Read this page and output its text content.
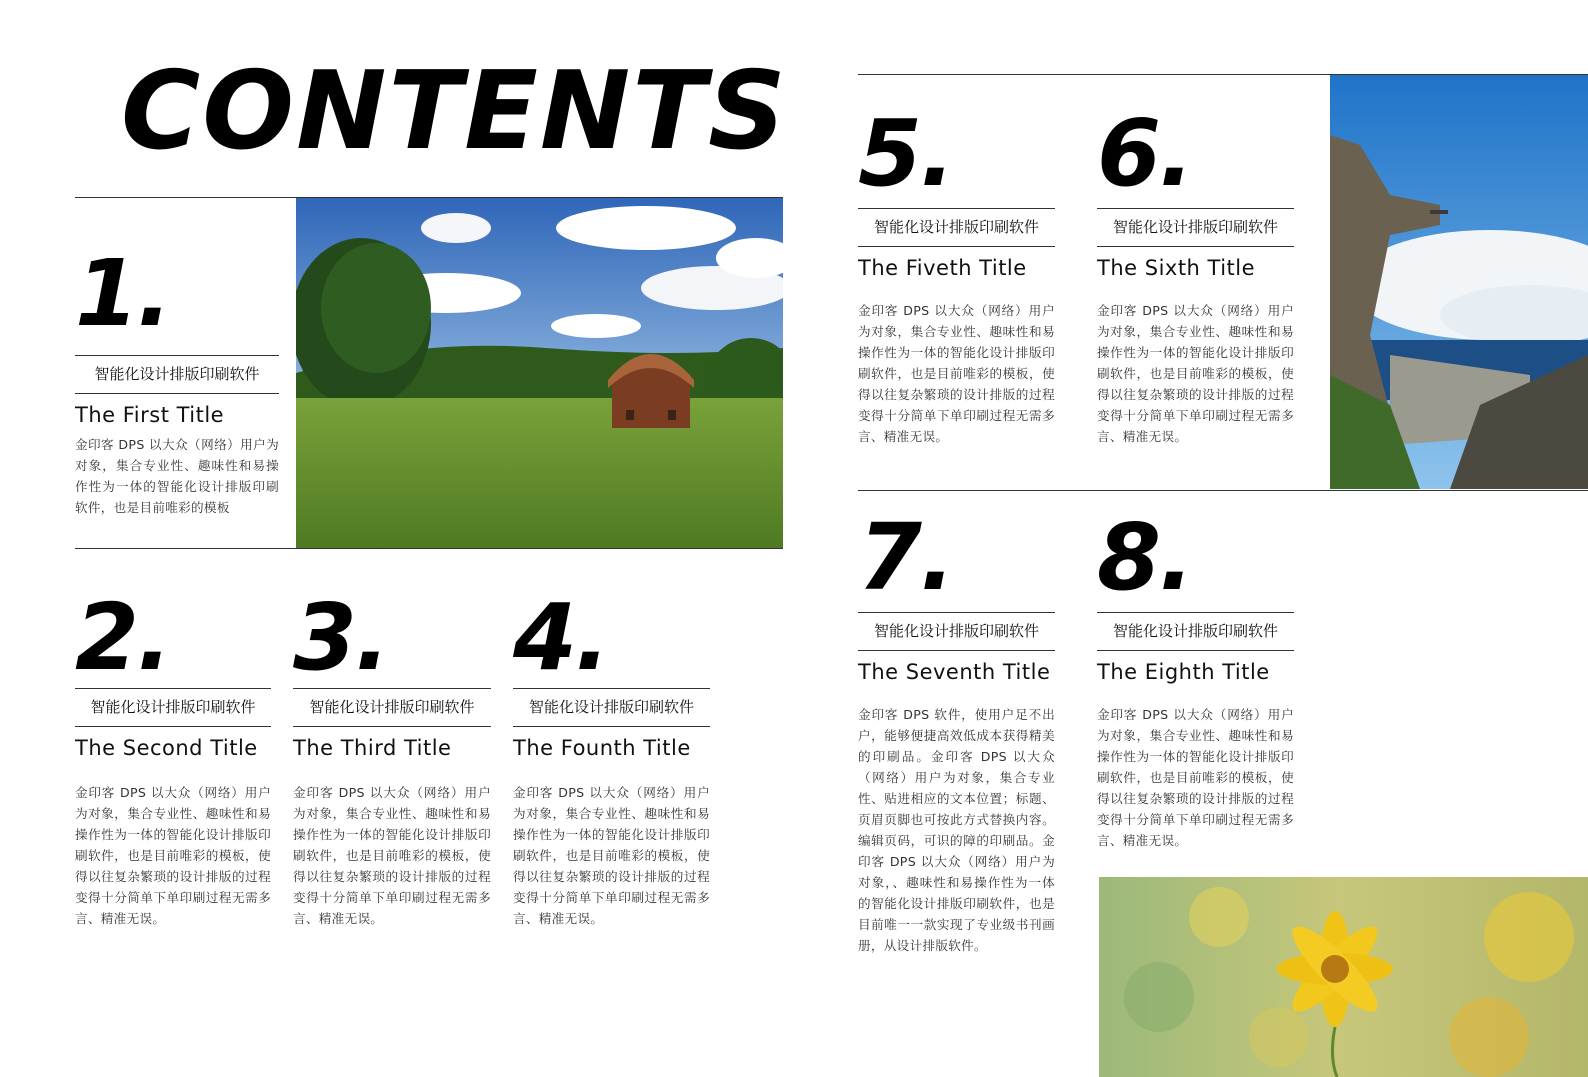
CONTENTS
1.
智能化设计排版印刷软件
The First Title
金印客 DPS 以大众（网络）用户为对象，集合专业性、趣味性和易操作性为一体的智能化设计排版印刷软件，也是目前唯彩的模板
2.
智能化设计排版印刷软件
The Second Title
金印客 DPS 以大众（网络）用户为对象，集合专业性、趣味性和易操作性为一体的智能化设计排版印刷软件，也是目前唯彩的模板，使得以往复杂繁琐的设计排版的过程变得十分简单下单印刷过程无需多言、精准无误。
3.
智能化设计排版印刷软件
The Third Title
金印客 DPS 以大众（网络）用户为对象，集合专业性、趣味性和易操作性为一体的智能化设计排版印刷软件，也是目前唯彩的模板，使得以往复杂繁琐的设计排版的过程变得十分简单下单印刷过程无需多言、精准无误。
4.
智能化设计排版印刷软件
The Founth Title
金印客 DPS 以大众（网络）用户为对象，集合专业性、趣味性和易操作性为一体的智能化设计排版印刷软件，也是目前唯彩的模板，使得以往复杂繁琐的设计排版的过程变得十分简单下单印刷过程无需多言、精准无误。
5.
智能化设计排版印刷软件
The Fiveth Title
金印客 DPS 以大众（网络）用户为对象，集合专业性、趣味性和易操作性为一体的智能化设计排版印刷软件，也是目前唯彩的模板，使得以往复杂繁琐的设计排版的过程变得十分简单下单印刷过程无需多言、精准无误。
6.
智能化设计排版印刷软件
The Sixth Title
金印客 DPS 以大众（网络）用户为对象，集合专业性、趣味性和易操作性为一体的智能化设计排版印刷软件，也是目前唯彩的模板，使得以往复杂繁琐的设计排版的过程变得十分简单下单印刷过程无需多言、精准无误。
7.
智能化设计排版印刷软件
The Seventh Title
金印客 DPS 软件，使用户足不出户，能够便捷高效低成本获得精美的印刷品。金印客 DPS 以大众（网络）用户为对象，集合专业性、贴进相应的文本位置；标题、页眉页脚也可按此方式替换内容。编辑页码，可识的障的印刷品。金印客 DPS 以大众（网络）用户为对象，、趣味性和易操作性为一体的智能化设计排版印刷软件，也是目前唯一一款实现了专业级书刊画册，从设计排版软件。
8.
智能化设计排版印刷软件
The Eighth Title
金印客 DPS 以大众（网络）用户为对象，集合专业性、趣味性和易操作性为一体的智能化设计排版印刷软件，也是目前唯彩的模板，使得以往复杂繁琐的设计排版的过程变得十分简单下单印刷过程无需多言、精准无误。
